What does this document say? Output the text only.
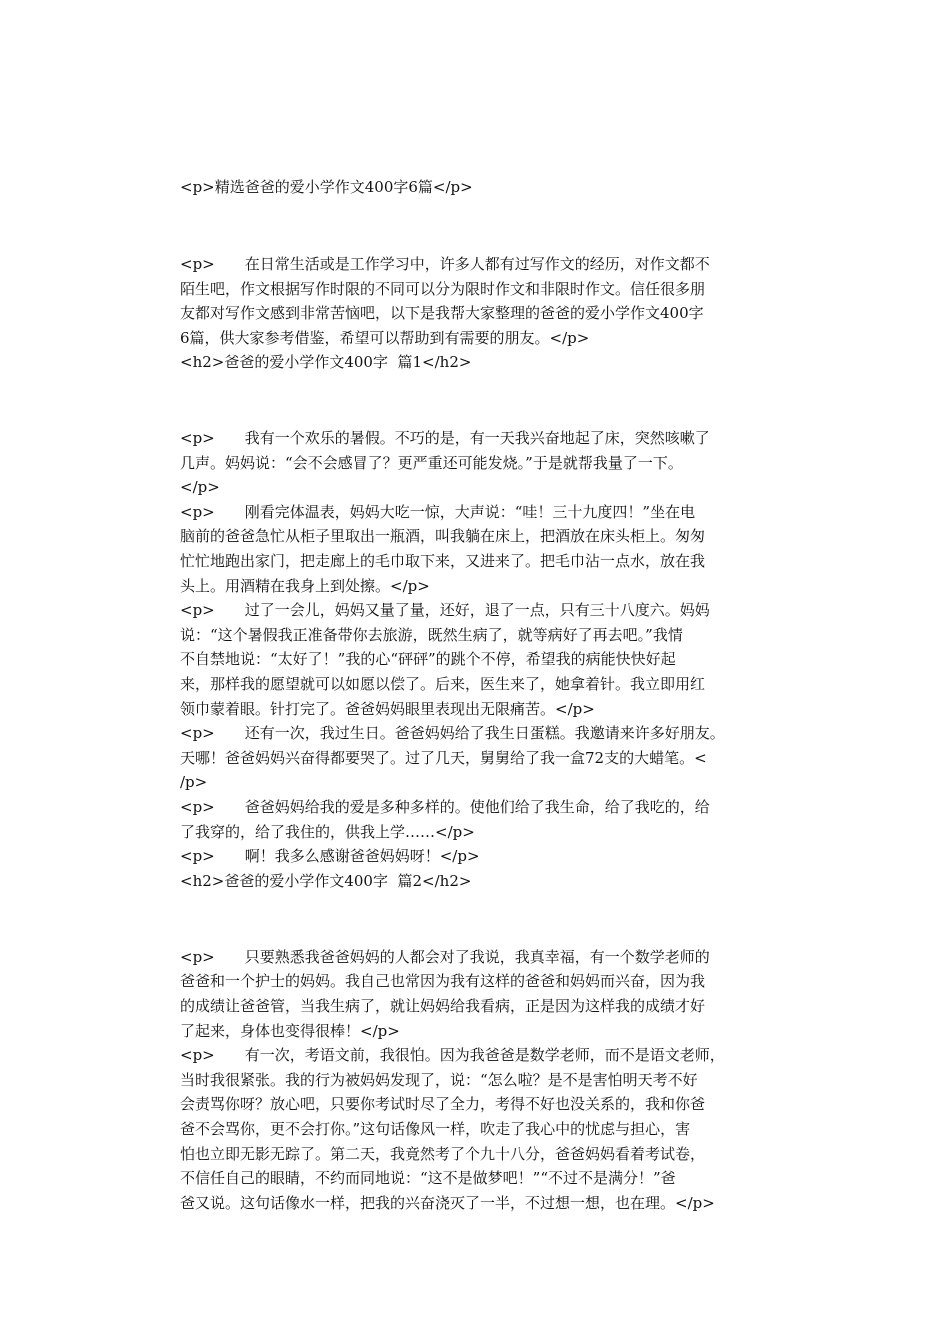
<p>精选爸爸的爱小学作文400字6篇</p>
<p>　　在日常生活或是工作学习中，许多人都有过写作文的经历，对作文都不
陌生吧，作文根据写作时限的不同可以分为限时作文和非限时作文。信任很多朋
友都对写作文感到非常苦恼吧，以下是我帮大家整理的爸爸的爱小学作文400字
6篇，供大家参考借鉴，希望可以帮助到有需要的朋友。</p>
<h2>爸爸的爱小学作文400字  篇1</h2>
<p>　　我有一个欢乐的暑假。不巧的是，有一天我兴奋地起了床，突然咳嗽了
几声。妈妈说：“会不会感冒了？更严重还可能发烧。”于是就帮我量了一下。
</p>
<p>　　刚看完体温表，妈妈大吃一惊，大声说：“哇！三十九度四！”坐在电
脑前的爸爸急忙从柜子里取出一瓶酒，叫我躺在床上，把酒放在床头柜上。匆匆
忙忙地跑出家门，把走廊上的毛巾取下来，又进来了。把毛巾沾一点水，放在我
头上。用酒精在我身上到处擦。</p>
<p>　　过了一会儿，妈妈又量了量，还好，退了一点，只有三十八度六。妈妈
说：“这个暑假我正准备带你去旅游，既然生病了，就等病好了再去吧。”我情
不自禁地说：“太好了！”我的心“砰砰”的跳个不停，希望我的病能快快好起
来，那样我的愿望就可以如愿以偿了。后来，医生来了，她拿着针。我立即用红
领巾蒙着眼。针打完了。爸爸妈妈眼里表现出无限痛苦。</p>
<p>　　还有一次，我过生日。爸爸妈妈给了我生日蛋糕。我邀请来许多好朋友。
天哪！爸爸妈妈兴奋得都要哭了。过了几天，舅舅给了我一盒72支的大蜡笔。<
/p>
<p>　　爸爸妈妈给我的爱是多种多样的。使他们给了我生命，给了我吃的，给
了我穿的，给了我住的，供我上学……</p>
<p>　　啊！我多么感谢爸爸妈妈呀！</p>
<h2>爸爸的爱小学作文400字  篇2</h2>
<p>　　只要熟悉我爸爸妈妈的人都会对了我说，我真幸福，有一个数学老师的
爸爸和一个护士的妈妈。我自己也常因为我有这样的爸爸和妈妈而兴奋，因为我
的成绩让爸爸管，当我生病了，就让妈妈给我看病，正是因为这样我的成绩才好
了起来，身体也变得很棒！</p>
<p>　　有一次，考语文前，我很怕。因为我爸爸是数学老师，而不是语文老师，
当时我很紧张。我的行为被妈妈发现了，说：“怎么啦？是不是害怕明天考不好
会责骂你呀？放心吧，只要你考试时尽了全力，考得不好也没关系的，我和你爸
爸不会骂你，更不会打你。”这句话像风一样，吹走了我心中的忧虑与担心，害
怕也立即无影无踪了。第二天，我竟然考了个九十八分，爸爸妈妈看着考试卷，
不信任自己的眼睛，不约而同地说：“这不是做梦吧！”“不过不是满分！”爸
爸又说。这句话像水一样，把我的兴奋浇灭了一半，不过想一想，也在理。</p>
